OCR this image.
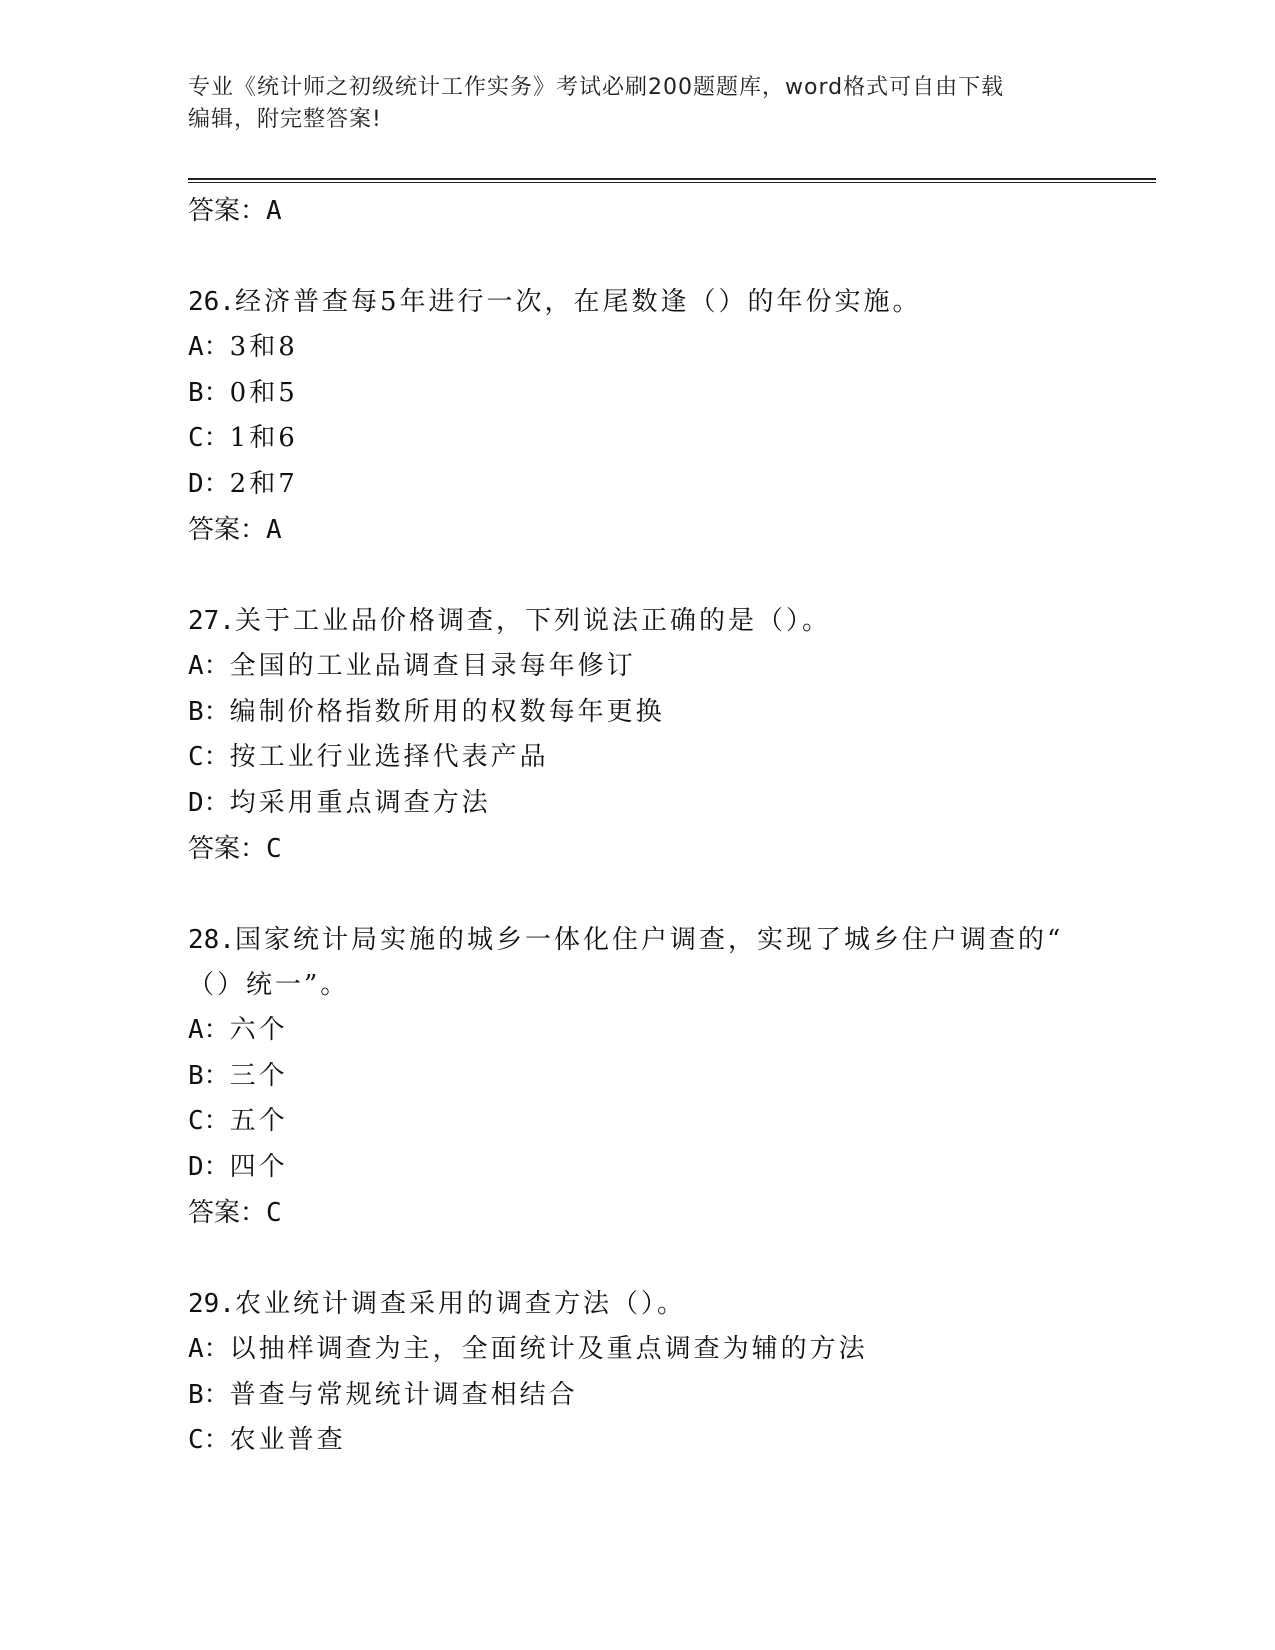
专业《统计师之初级统计工作实务》考试必刷200题题库，word格式可自由下载
编辑，附完整答案!
答案：A
26.经济普查每5年进行一次，在尾数逢（）的年份实施。
A：3和8
B：0和5
C：1和6
D：2和7
答案：A
27.关于工业品价格调查，下列说法正确的是（）。
A：全国的工业品调查目录每年修订
B：编制价格指数所用的权数每年更换
C：按工业行业选择代表产品
D：均采用重点调查方法
答案：C
28.国家统计局实施的城乡一体化住户调查，实现了城乡住户调查的“
（）统一”。
A：六个
B：三个
C：五个
D：四个
答案：C
29.农业统计调查采用的调查方法（）。
A：以抽样调查为主，全面统计及重点调查为辅的方法
B：普查与常规统计调查相结合
C：农业普查
